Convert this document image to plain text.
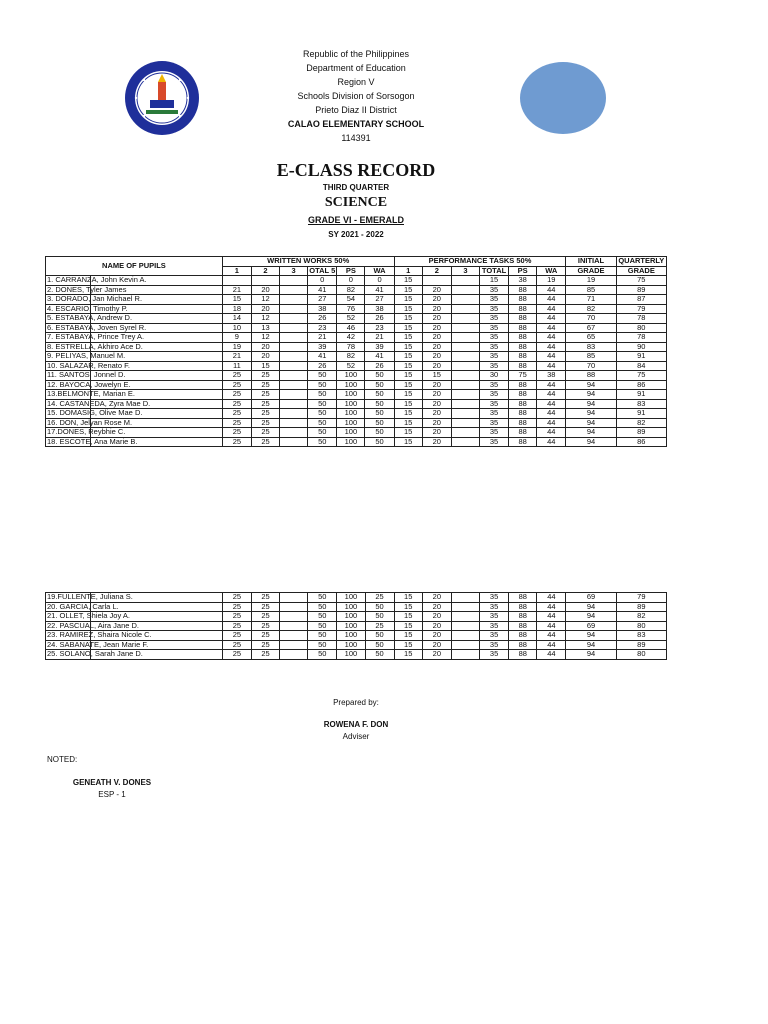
Republic of the Philippines
Department of Education
Region V
Schools Division of Sorsogon
Prieto Diaz II District
CALAO ELEMENTARY SCHOOL
114391
E-CLASS RECORD
THIRD QUARTER
SCIENCE
GRADE VI - EMERALD
SY 2021 - 2022
NAME OF PUPILS	WRITTEN WORKS 50%						PERFORMANCE TASKS 50%						INITIAL	QUARTERLY
	1	2	3	OTAL 5	PS	WA	1	2	3	TOTAL	PS	WA	GRADE	GRADE
1. CARRANZA, John Kevin A.				0	0	0	15			15	38	19	19	75
2. DONES, Tyler James	21	20		41	82	41	15	20		35	88	44	85	89
3. DORADO, Jan Michael R.	15	12		27	54	27	15	20		35	88	44	71	87
4. ESCARIO, Timothy P.	18	20		38	76	38	15	20		35	88	44	82	79
5. ESTABAYA, Andrew D.	14	12		26	52	26	15	20		35	88	44	70	78
6. ESTABAYA, Joven Syrel R.	10	13		23	46	23	15	20		35	88	44	67	80
7. ESTABAYA, Prince Trey A.	9	12		21	42	21	15	20		35	88	44	65	78
8. ESTRELLA, Akhiro Ace D.	19	20		39	78	39	15	20		35	88	44	83	90
9. PELIYAS, Manuel M.	21	20		41	82	41	15	20		35	88	44	85	91
10. SALAZAR, Renato F.	11	15		26	52	26	15	20		35	88	44	70	84
11. SANTOS, Jonnel D.	25	25		50	100	50	15	15		30	75	38	88	75
12. BAYOCA, Jowelyn E.	25	25		50	100	50	15	20		35	88	44	94	86
13.BELMONTE, Marian E.	25	25		50	100	50	15	20		35	88	44	94	91
14. CASTANEDA, Zyra Mae D.	25	25		50	100	50	15	20		35	88	44	94	83
15. DOMASIG, Olive Mae D.	25	25		50	100	50	15	20		35	88	44	94	91
16. DON, Jelyan Rose M.	25	25		50	100	50	15	20		35	88	44	94	82
17.DONES, Reybhie C.	25	25		50	100	50	15	20		35	88	44	94	89
18. ESCOTE, Ana Marie B.	25	25		50	100	50	15	20		35	88	44	94	86
19.FULLENTE, Juliana S.	25	25		50	100	25	15	20		35	88	44	69	79
20. GARCIA, Carla L.	25	25		50	100	50	15	20		35	88	44	94	89
21. OLLET, Shiela Joy A.	25	25		50	100	50	15	20		35	88	44	94	82
22. PASCUAL, Aira Jane D.	25	25		50	100	25	15	20		35	88	44	69	80
23. RAMIREZ, Shaira Nicole C.	25	25		50	100	50	15	20		35	88	44	94	83
24. SABANATE, Jean Marie F.	25	25		50	100	50	15	20		35	88	44	94	89
25. SOLANO, Sarah Jane D.	25	25		50	100	50	15	20		35	88	44	94	80
Prepared by:
ROWENA F. DON
Adviser
NOTED:
GENEATH V. DONES
ESP - 1
